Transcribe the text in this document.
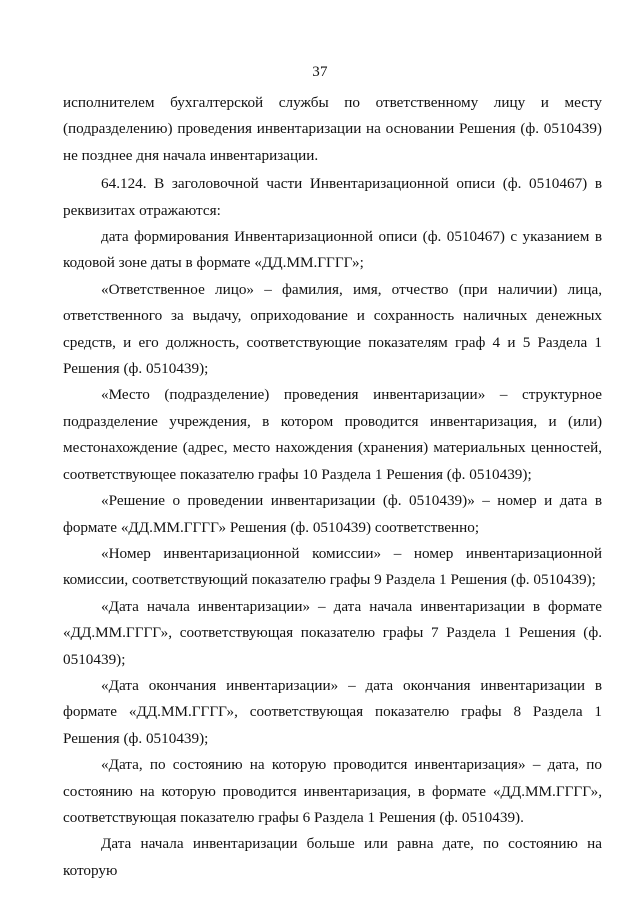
37

исполнителем бухгалтерской службы по ответственному лицу и месту (подразделению) проведения инвентаризации на основании Решения (ф. 0510439) не позднее дня начала инвентаризации.

64.124. В заголовочной части Инвентаризационной описи (ф. 0510467) в реквизитах отражаются:

дата формирования Инвентаризационной описи (ф. 0510467) с указанием в кодовой зоне даты в формате «ДД.ММ.ГГГГ»;

«Ответственное лицо» – фамилия, имя, отчество (при наличии) лица, ответственного за выдачу, оприходование и сохранность наличных денежных средств, и его должность, соответствующие показателям граф 4 и 5 Раздела 1 Решения (ф. 0510439);

«Место (подразделение) проведения инвентаризации» – структурное подразделение учреждения, в котором проводится инвентаризация, и (или) местонахождение (адрес, место нахождения (хранения) материальных ценностей, соответствующее показателю графы 10 Раздела 1 Решения (ф. 0510439);

«Решение о проведении инвентаризации (ф. 0510439)» – номер и дата в формате «ДД.ММ.ГГГГ» Решения (ф. 0510439) соответственно;

«Номер инвентаризационной комиссии» – номер инвентаризационной комиссии, соответствующий показателю графы 9 Раздела 1 Решения (ф. 0510439);

«Дата начала инвентаризации» – дата начала инвентаризации в формате «ДД.ММ.ГГГГ», соответствующая показателю графы 7 Раздела 1 Решения (ф. 0510439);

«Дата окончания инвентаризации» – дата окончания инвентаризации в формате «ДД.ММ.ГГГГ», соответствующая показателю графы 8 Раздела 1 Решения (ф. 0510439);

«Дата, по состоянию на которую проводится инвентаризация» – дата, по состоянию на которую проводится инвентаризация, в формате «ДД.ММ.ГГГГ», соответствующая показателю графы 6 Раздела 1 Решения (ф. 0510439).

Дата начала инвентаризации больше или равна дате, по состоянию на которую
